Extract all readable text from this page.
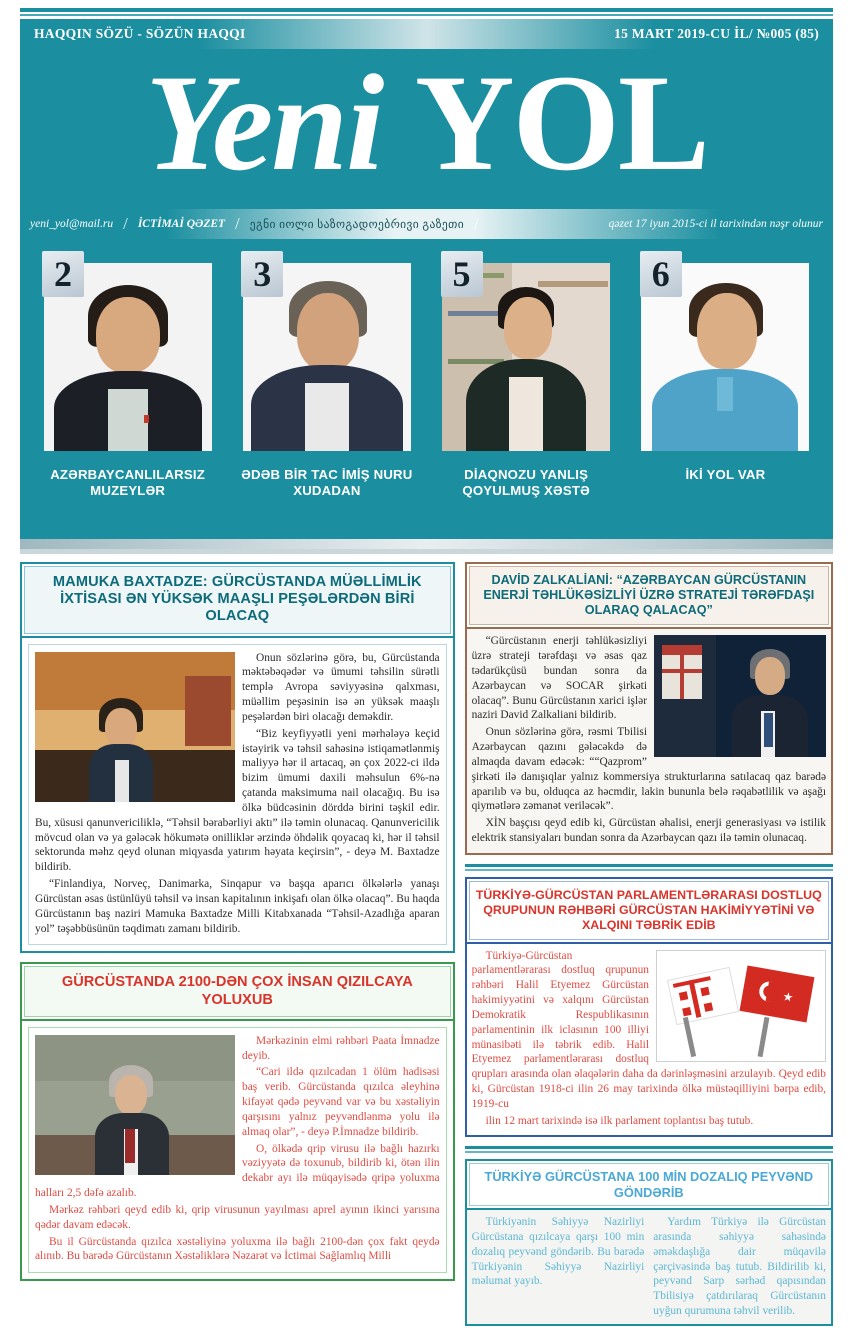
HAQQIN SÖZÜ - SÖZÜN HAQQI	15 MART 2019-CU İL/ №005 (85)
Yeni YOL
yeni_yol@mail.ru / İCTİMAİ QƏZET / ეგნი იოლი საზოგადოებრივი გაზეთი /	qəzet 17 iyun 2015-ci il tarixindən nəşr olunur
2
AZƏRBAYCANLILARSIZ MUZEYLƏR
3
ƏDƏB BİR TAC İMİŞ NURU XUDADAN
5
DİAQNOZU YANLIŞ QOYULMUŞ XƏSTƏ
6
İKİ YOL VAR
MAMUKA BAXTADZE: GÜRCÜSTANDA MÜƏLLİMLİK İXTİSASI ƏN YÜKSƏK MAAŞLI PEŞƏLƏRDƏN BİRİ OLACAQ

Onun sözlərinə görə, bu, Gürcüstanda məktəbəqədər və ümumi təhsilin sürətli templə Avropa səviyyəsinə qalxması, müəllim peşəsinin isə ən yüksək maaşlı peşələrdən biri olacağı deməkdir.

“Biz keyfiyyətli yeni mərhələyə keçid istəyirik və təhsil sahəsinə istiqamətlənmiş maliyyə hər il artacaq, ən çox 2022-ci ildə bizim ümumi daxili məhsulun 6%-nə çatanda maksimuma nail olacağıq. Bu isə ölkə büdcəsinin dörddə birini təşkil edir. Bu, xüsusi qanunvericiliklə, “Təhsil bərabərliyi aktı” ilə təmin olunacaq. Qanunvericilik mövcud olan və ya gələcək hökumətə onilliklər ərzində öhdəlik qoyacaq ki, hər il təhsil sektorunda məhz qeyd olunan miqyasda yatırım həyata keçirsin”, - deyə M. Baxtadze bildirib.

“Finlandiya, Norveç, Danimarka, Sinqapur və başqa aparıcı ölkələrlə yanaşı Gürcüstan əsas üstünlüyü təhsil və insan kapitalının inkişafı olan ölkə olacaq”. Bu haqda Gürcüstanın baş naziri Mamuka Baxtadze Milli Kitabxanada “Təhsil-Azadlığa aparan yol” təşəbbüsünün təqdimatı zamanı bildirib.

GÜRCÜSTANDA 2100-DƏN ÇOX İNSAN QIZILCAYA YOLUXUB

Mərkəzinin elmi rəhbəri Paata İmnadze deyib.

“Cari ildə qızılcadan 1 ölüm hadisəsi baş verib. Gürcüstanda qızılca əleyhinə kifayət qədə peyvənd var və bu xəstəliyin qarşısını yalnız peyvəndlənmə yolu ilə almaq olar”, - deyə P.İmnadze bildirib.

O, ölkədə qrip virusu ilə bağlı hazırkı vəziyyətə də toxunub, bildirib ki, ötən ilin dekabr ayı ilə müqayisədə qripə yoluxma halları 2,5 dəfə azalıb.

Mərkəz rəhbəri qeyd edib ki, qrip virusunun yayılması aprel ayının ikinci yarısına qədər davam edəcək.

Bu il Gürcüstanda qızılca xəstəliyinə yoluxma ilə bağlı 2100-dən çox fakt qeydə alınıb. Bu barədə Gürcüstanın Xəstəliklərə Nəzarət və İctimai Sağlamlıq Milli

DAVİD ZALKALİANİ: “AZƏRBAYCAN GÜRCÜSTANIN ENERJİ TƏHLÜKƏSİZLİYİ ÜZRƏ STRATEJİ TƏRƏFDAŞI OLARAQ QALACAQ”

“Gürcüstanın enerji təhlükəsizliyi üzrə strateji tərəfdaşı və əsas qaz tədarükçüsü bundan sonra da Azərbaycan və SOCAR şirkəti olacaq”. Bunu Gürcüstanın xarici işlər naziri David Zalkaliani bildirib.

Onun sözlərinə görə, rəsmi Tbilisi Azərbaycan qazını gələcəkdə də almaqda davam edəcək: ““Qazprom” şirkəti ilə danışıqlar yalnız kommersiya strukturlarına satılacaq qaz barədə aparılıb və bu, olduqca az həcmdir, lakin bununla belə rəqabətlilik və aşağı qiymətlərə zəmanət veriləcək”.

XİN başçısı qeyd edib ki, Gürcüstan əhalisi, enerji generasiyası və istilik elektrik stansiyaları bundan sonra da Azərbaycan qazı ilə təmin olunacaq.

TÜRKİYƏ-GÜRCÜSTAN PARLAMENTLƏRARASI DOSTLUQ QRUPUNUN RƏHBƏRİ GÜRCÜSTAN HAKİMİYYƏTİNİ VƏ XALQINI TƏBRİK EDİB
★

Türkiyə-Gürcüstan parlamentlərarası dostluq qrupunun rəhbəri Halil Etyemez Gürcüstan hakimiyyətini və xalqını Gürcüstan Demokratik Respublikasının parlamentinin ilk iclasının 100 illiyi münasibəti ilə təbrik edib. Halil Etyemez parlamentlərarası dostluq qrupları arasında olan əlaqələrin daha da dərinləşməsini arzulayıb. Qeyd edib ki, Gürcüstan 1918-ci ilin 26 may tarixində ölkə müstəqilliyini bərpa edib, 1919-cu

ilin 12 mart tarixində isə ilk parlament toplantısı baş tutub.

TÜRKİYƏ GÜRCÜSTANA 100 MİN DOZALIQ PEYVƏND GÖNDƏRİB

Türkiyənin Səhiyyə Nazirliyi Gürcüstana qızılcaya qarşı 100 min dozalıq peyvənd göndərib. Bu barədə Türkiyənin Səhiyyə Nazirliyi məlumat yayıb.

Yardım Türkiyə ilə Gürcüstan arasında səhiyyə sahəsində əməkdaşlığa dair müqavilə çərçivəsində baş tutub. Bildirilib ki, peyvənd Sarp sərhəd qapısından Tbilisiyə çatdırılaraq Gürcüstanın uyğun qurumuna təhvil verilib.
